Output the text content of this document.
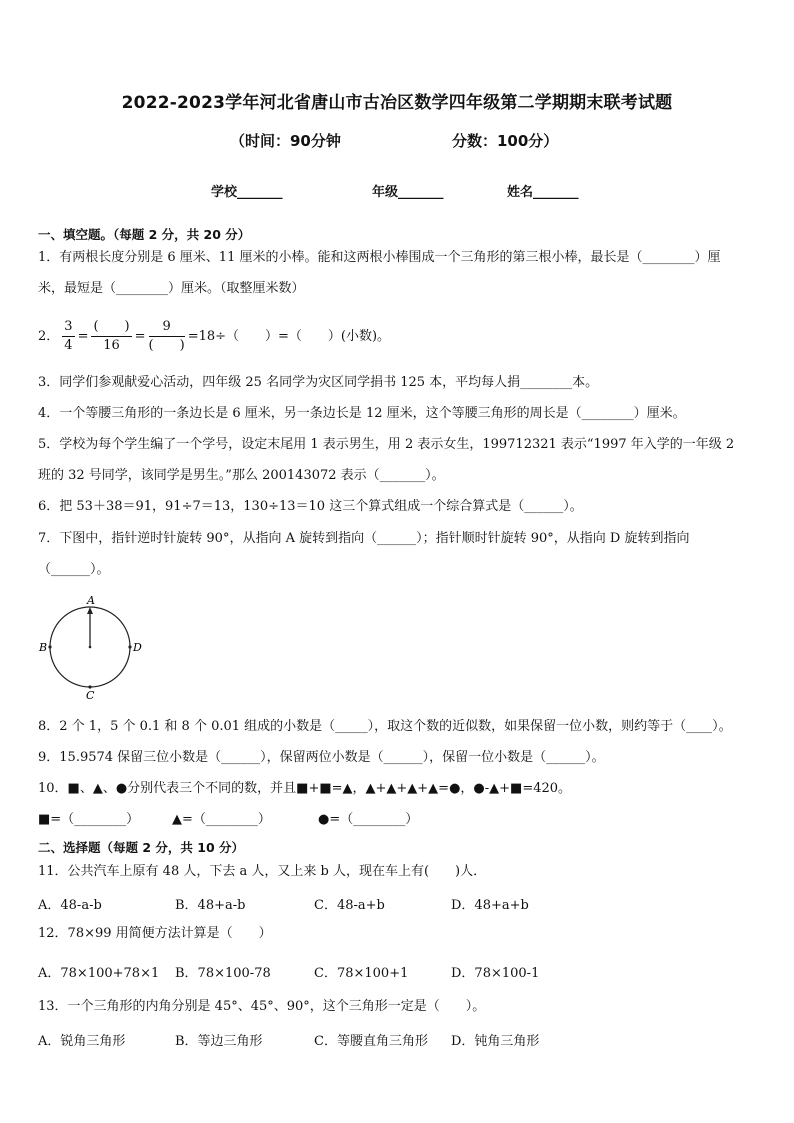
2022-2023学年河北省唐山市古冶区数学四年级第二学期期末联考试题
（时间：90分钟	分数：100分）
学校_______	年级_______	姓名_______
一、填空题。（每题 2 分，共 20 分）
1．有两根长度分别是 6 厘米、11 厘米的小棒。能和这两根小棒围成一个三角形的第三根小棒，最长是（________）厘
米，最短是（________）厘米。（取整厘米数）
2． $\frac{3}{4} = \frac{( )}{16} = \frac{9}{( )} =18\div$（　　）=（　　）(小数)。
3．同学们参观献爱心活动，四年级 25 名同学为灾区同学捐书 125 本，平均每人捐________本。
4．一个等腰三角形的一条边长是 6 厘米，另一条边长是 12 厘米，这个等腰三角形的周长是（________）厘米。
5．学校为每个学生编了一个学号，设定末尾用 1 表示男生，用 2 表示女生，199712321 表示“1997 年入学的一年级 2
班的 32 号同学，该同学是男生。”那么 200143072 表示（_______）。
6．把 53＋38＝91，91÷7＝13，130÷13＝10 这三个算式组成一个综合算式是（______）。
7．下图中，指针逆时针旋转 90°，从指向 A 旋转到指向（______）；指针顺时针旋转 90°，从指向 D 旋转到指向
（______）。
A
B	D
C
8．2 个 1，5 个 0.1 和 8 个 0.01 组成的小数是（_____），取这个数的近似数，如果保留一位小数，则约等于（____）。
9．15.9574 保留三位小数是（______），保留两位小数是（______），保留一位小数是（______）。
10．■、▲、●分别代表三个不同的数，并且■+■=▲，▲+▲+▲+▲=●，●-▲+■=420。
■=（________）	▲=（________）	●=（________）
二、选择题（每题 2 分，共 10 分）
11．公共汽车上原有 48 人，下去 a 人，又上来 b 人，现在车上有(　　)人．
A．48-a-b	B．48+a-b	C．48-a+b	D．48+a+b
12．78×99 用简便方法计算是（　　）
A．78×100+78×1 B．78×100-78	C．78×100+1	D．78×100-1
13．一个三角形的内角分别是 45°、45°、90°，这个三角形一定是（　　）。
A．锐角三角形	B．等边三角形	C．等腰直角三角形 D．钝角三角形
